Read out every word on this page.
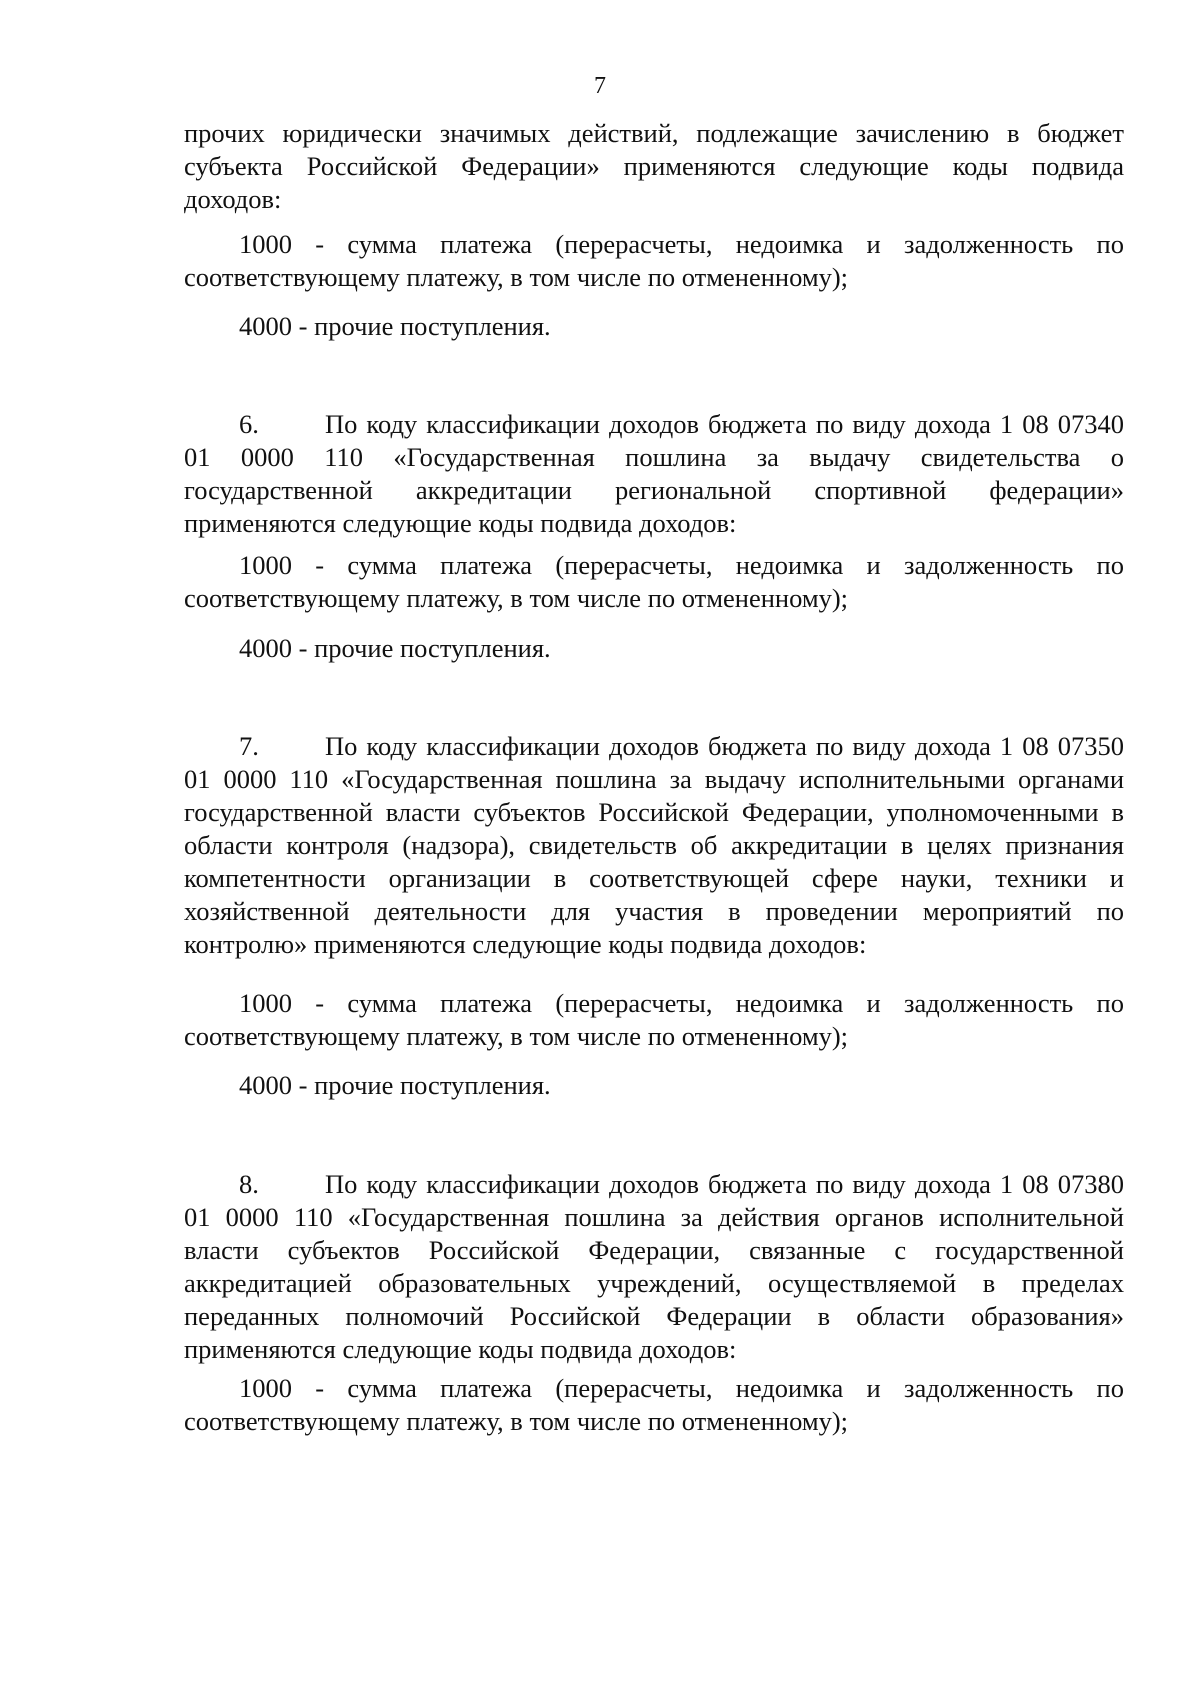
7

прочих юридически значимых действий, подлежащие зачислению в бюджет субъекта Российской Федерации» применяются следующие коды подвида доходов:

1000 - сумма платежа (перерасчеты, недоимка и задолженность по соответствующему платежу, в том числе по отмененному);

4000 - прочие поступления.

6. По коду классификации доходов бюджета по виду дохода 1 08 07340 01 0000 110 «Государственная пошлина за выдачу свидетельства о государственной аккредитации региональной спортивной федерации» применяются следующие коды подвида доходов:

1000 - сумма платежа (перерасчеты, недоимка и задолженность по соответствующему платежу, в том числе по отмененному);

4000 - прочие поступления.

7. По коду классификации доходов бюджета по виду дохода 1 08 07350 01 0000 110 «Государственная пошлина за выдачу исполнительными органами государственной власти субъектов Российской Федерации, уполномоченными в области контроля (надзора), свидетельств об аккредитации в целях признания компетентности организации в соответствующей сфере науки, техники и хозяйственной деятельности для участия в проведении мероприятий по контролю» применяются следующие коды подвида доходов:

1000 - сумма платежа (перерасчеты, недоимка и задолженность по соответствующему платежу, в том числе по отмененному);

4000 - прочие поступления.

8. По коду классификации доходов бюджета по виду дохода 1 08 07380 01 0000 110 «Государственная пошлина за действия органов исполнительной власти субъектов Российской Федерации, связанные с государственной аккредитацией образовательных учреждений, осуществляемой в пределах переданных полномочий Российской Федерации в области образования» применяются следующие коды подвида доходов:

1000 - сумма платежа (перерасчеты, недоимка и задолженность по соответствующему платежу, в том числе по отмененному);
